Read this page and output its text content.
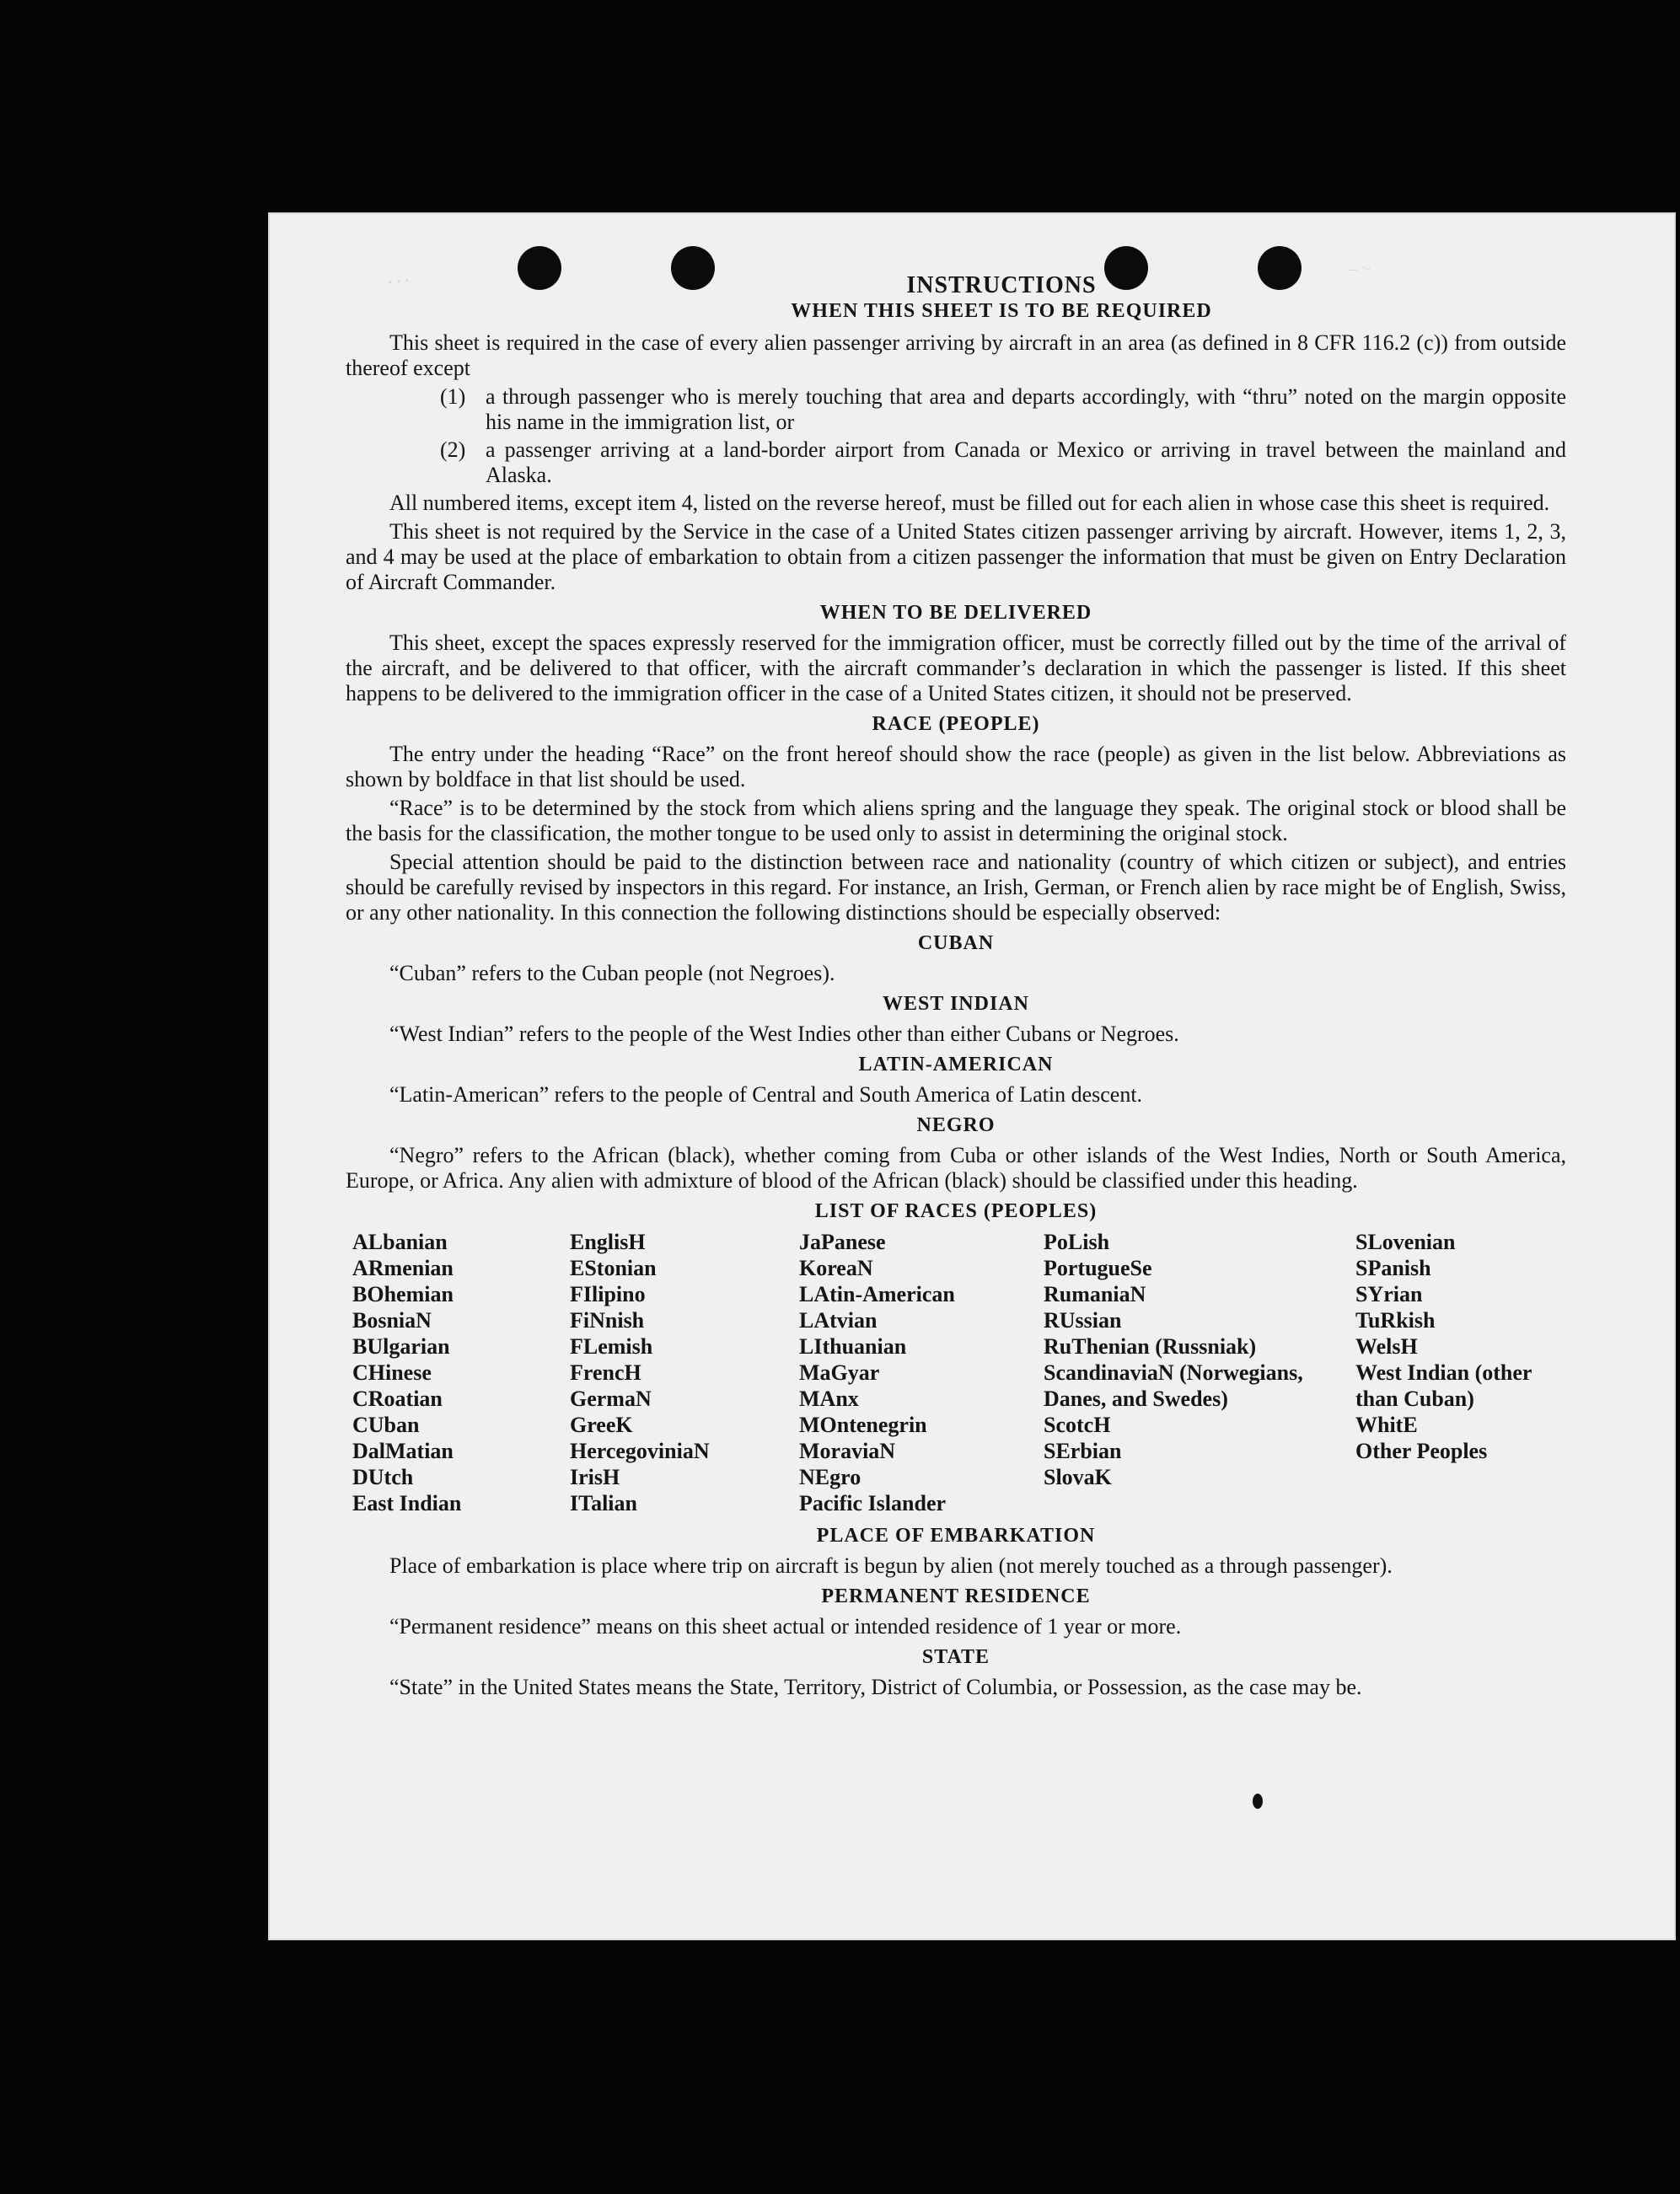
ꞏ ꞏ ꞏ
– ~
INSTRUCTIONS
WHEN THIS SHEET IS TO BE REQUIRED

This sheet is required in the case of every alien passenger arriving by aircraft in an area (as defined in 8 CFR 116.2 (c)) from outside thereof except

(1) a through passenger who is merely touching that area and departs accordingly, with “thru” noted on the margin opposite his name in the immigration list, or
(2) a passenger arriving at a land-border airport from Canada or Mexico or arriving in travel between the mainland and Alaska.

All numbered items, except item 4, listed on the reverse hereof, must be filled out for each alien in whose case this sheet is required.

This sheet is not required by the Service in the case of a United States citizen passenger arriving by aircraft. However, items 1, 2, 3, and 4 may be used at the place of embarkation to obtain from a citizen passenger the information that must be given on Entry Declaration of Aircraft Commander.

WHEN TO BE DELIVERED

This sheet, except the spaces expressly reserved for the immigration officer, must be correctly filled out by the time of the arrival of the aircraft, and be delivered to that officer, with the aircraft commander’s declaration in which the passenger is listed. If this sheet happens to be delivered to the immigration officer in the case of a United States citizen, it should not be preserved.

RACE (PEOPLE)

The entry under the heading “Race” on the front hereof should show the race (people) as given in the list below. Abbreviations as shown by boldface in that list should be used.

“Race” is to be determined by the stock from which aliens spring and the language they speak. The original stock or blood shall be the basis for the classification, the mother tongue to be used only to assist in determining the original stock.

Special attention should be paid to the distinction between race and nationality (country of which citizen or subject), and entries should be carefully revised by inspectors in this regard. For instance, an Irish, German, or French alien by race might be of English, Swiss, or any other nationality. In this connection the following distinctions should be especially observed:

CUBAN

“Cuban” refers to the Cuban people (not Negroes).

WEST INDIAN

“West Indian” refers to the people of the West Indies other than either Cubans or Negroes.

LATIN-AMERICAN

“Latin-American” refers to the people of Central and South America of Latin descent.

NEGRO

“Negro” refers to the African (black), whether coming from Cuba or other islands of the West Indies, North or South America, Europe, or Africa. Any alien with admixture of blood of the African (black) should be classified under this heading.

LIST OF RACES (PEOPLES)
ALbanian
ARmenian
BOhemian
BosniaN
BUlgarian
CHinese
CRoatian
CUban
DalMatian
DUtch
East Indian
EnglisH
EStonian
FIlipino
FiNnish
FLemish
FrencH
GermaN
GreeK
HercegoviniaN
IrisH
ITalian
JaPanese
KoreaN
LAtin-American
LAtvian
LIthuanian
MaGyar
MAnx
MOntenegrin
MoraviaN
NEgro
Pacific Islander
PoLish
PortugueSe
RumaniaN
RUssian
RuThenian (Russniak)
ScandinaviaN (Norwegians, Danes, and Swedes)
ScotcH
SErbian
SlovaK
SLovenian
SPanish
SYrian
TuRkish
WelsH
West Indian (other than Cuban)
WhitE
Other Peoples
PLACE OF EMBARKATION

Place of embarkation is place where trip on aircraft is begun by alien (not merely touched as a through passenger).

PERMANENT RESIDENCE

“Permanent residence” means on this sheet actual or intended residence of 1 year or more.

STATE

“State” in the United States means the State, Territory, District of Columbia, or Possession, as the case may be.
